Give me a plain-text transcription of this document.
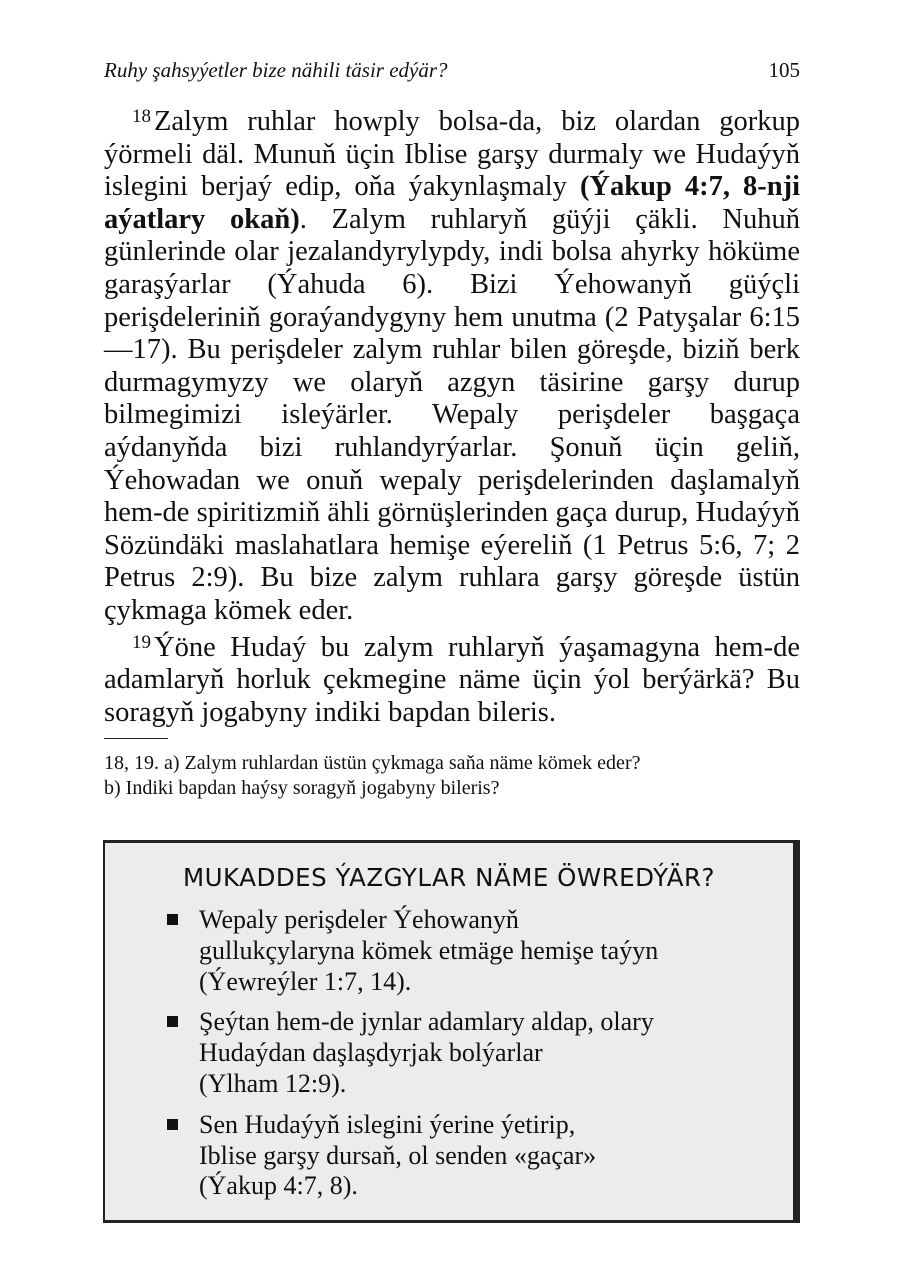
Ruhy şahsyýetler bize nähili täsir edýär?	105

$^{18}$ Zalym ruhlar howply bolsa-da, biz olardan gorkup ýörmeli däl. Munuň üçin Iblise garşy durmaly we Hudaýyň islegini berjaý edip, oňa ýakynlaşmaly (Ýakup 4:7, 8-nji aýatlary okaň). Zalym ruhlaryň güýji çäkli. Nuhuň günlerinde olar jezalandyrylypdy, indi bolsa ahyrky höküme garaşýarlar (Ýahuda 6). Bizi Ýehowanyň güýçli perişdeleriniň goraýandygyny hem unutma (2 Patyşalar 6:15—17). Bu perişdeler zalym ruhlar bilen göreşde, biziň berk durmagymyzy we olaryň azgyn täsirine garşy durup bilmegimizi isleýärler. Wepaly perişdeler başgaça aýdanyňda bizi ruhlandyrýarlar. Şonuň üçin geliň, Ýehowadan we onuň wepaly perişdelerinden daşlamalyň hem-de spiritizmiň ähli görnüşlerinden gaça durup, Hudaýyň Sözündäki maslahatlara hemişe eýereliň (1 Petrus 5:6, 7; 2 Petrus 2:9). Bu bize zalym ruhlara garşy göreşde üstün çykmaga kömek eder.

$^{19}$ Ýöne Hudaý bu zalym ruhlaryň ýaşamagyna hem-de adamlaryň horluk çekmegine näme üçin ýol berýärkä? Bu soragyň jogabyny indiki bapdan bileris.

18, 19. a) Zalym ruhlardan üstün çykmaga saňa näme kömek eder?

b) Indiki bapdan haýsy soragyň jogabyny bileris?

MUKADDES ÝAZGYLAR NÄME ÖWREDÝÄR?
Wepaly perişdeler Ýehowanyň
gullukçylaryna kömek etmäge hemişe taýyn
(Ýewreýler 1:7, 14).
Şeýtan hem-de jynlar adamlary aldap, olary
Hudaýdan daşlaşdyrjak bolýarlar
(Ylham 12:9).
Sen Hudaýyň islegini ýerine ýetirip,
Iblise garşy dursaň, ol senden «gaçar»
(Ýakup 4:7, 8).
